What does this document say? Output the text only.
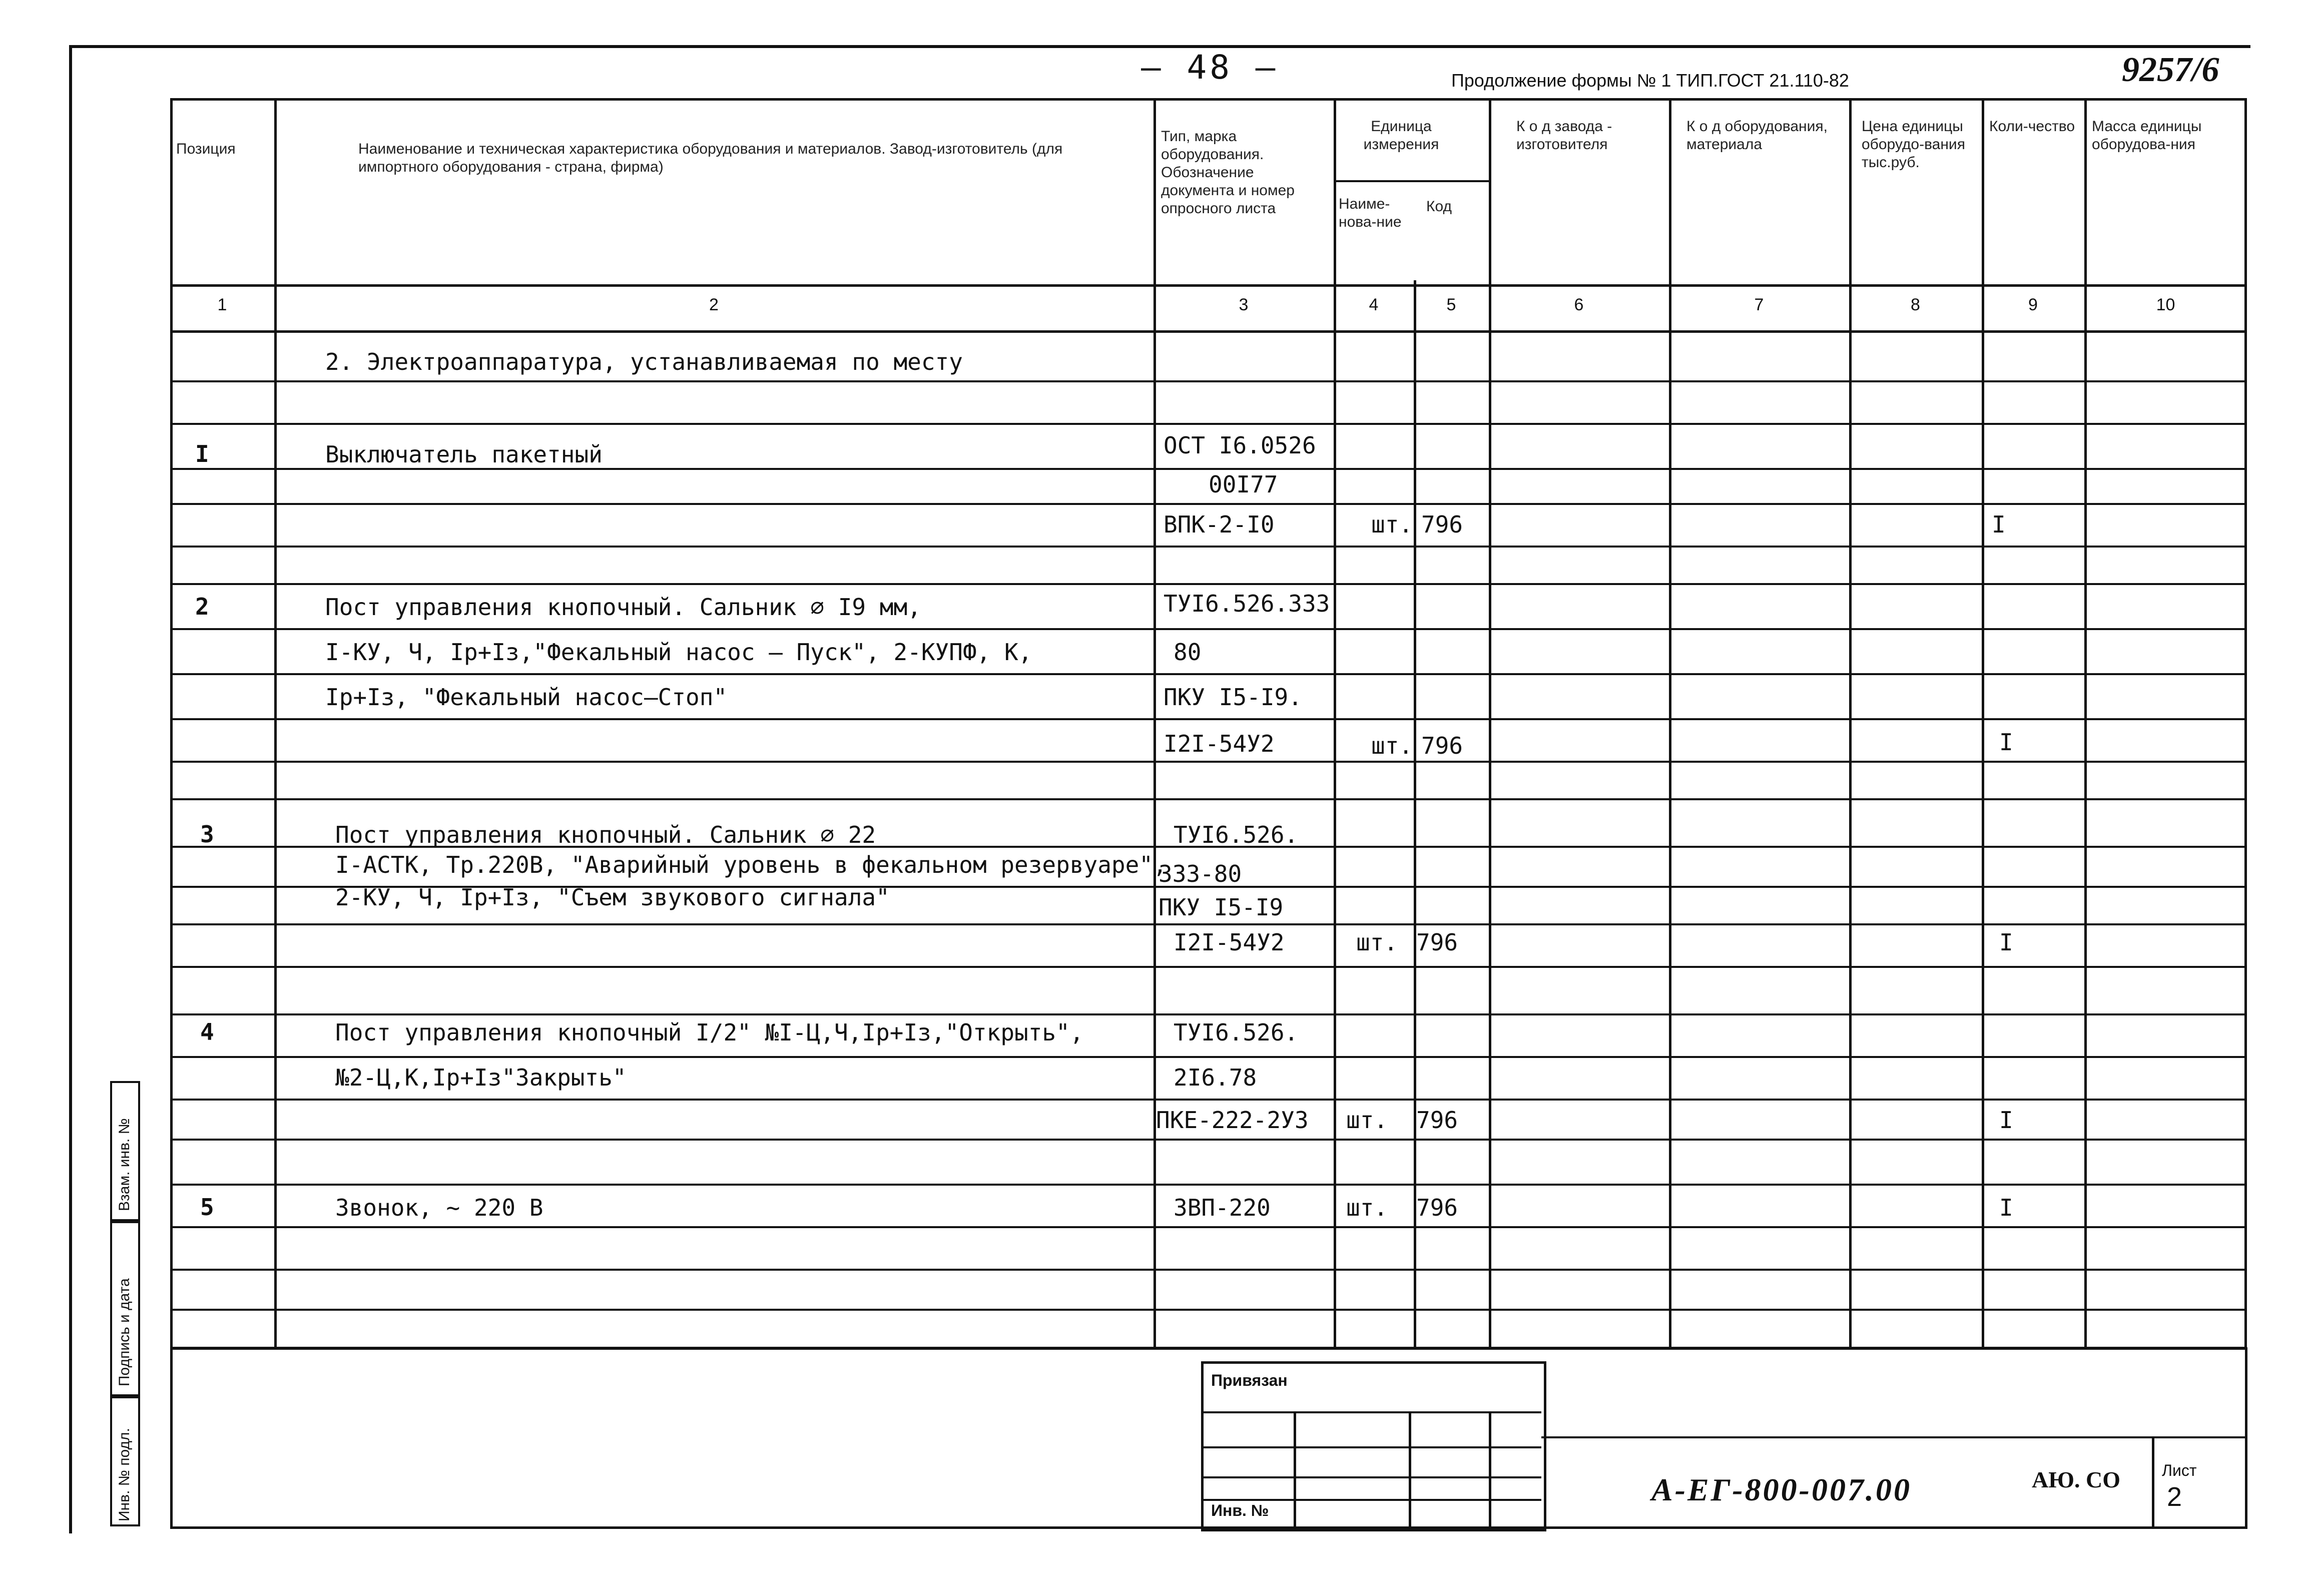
– 48 –	Продолжение формы № 1 ТИП.ГОСТ 21.110-82	9257/6
Позиция	Наименование и техническая характеристика оборудования и материалов. Завод-изготовитель (для импортного оборудования - страна, фирма)
Тип, марка оборудования. Обозначение документа и номер опросного листа
Единица измерения
Наиме-нова-ние
Код
К о д завода - изготовителя
К о д оборудования, материала
Цена единицы оборудо-вания тыс.руб.
Коли-чество Масса единицы оборудова-ния
1	2	3	4	5	6	7	8	9	10
2. Электроаппаратура, устанавливаемая по месту
I	Выключатель пакетный	ОСТ I6.0526
00I77
ВПК-2-I0	шт. 796	I
2	Пост управления кнопочный. Сальник ∅ I9 мм,	ТУI6.526.333
I-КУ, Ч, Ip+Iз,"Фекальный насос – Пуск", 2-КУПФ, К,	80
Ip+Iз, "Фекальный насос–Стоп"	ПКУ I5-I9.
I2I-54У2	шт. 796	I
3	Пост управления кнопочный. Сальник ∅ 22	ТУI6.526.
I-АСТК, Тр.220В, "Аварийный уровень в фекальном резервуаре",
333-80
2-КУ, Ч, Ip+Iз, "Съем звукового сигнала"	ПКУ I5-I9
I2I-54У2	шт. 796	I
4	Пост управления кнопочный I/2" №I-Ц,Ч,Ip+Iз,"Открыть",	ТУI6.526.
№2-Ц,К,Ip+Iз"Закрыть"	2I6.78
ПКЕ-222-2У3 шт. 796	I
5	Звонок, ~ 220 В	ЗВП-220	шт. 796	I
Привязан
Инв. №
А-ЕГ-800-007.00	АЮ. СО	Лист
2
Взам. инв. №
Подпись и дата
Инв. № подл.
